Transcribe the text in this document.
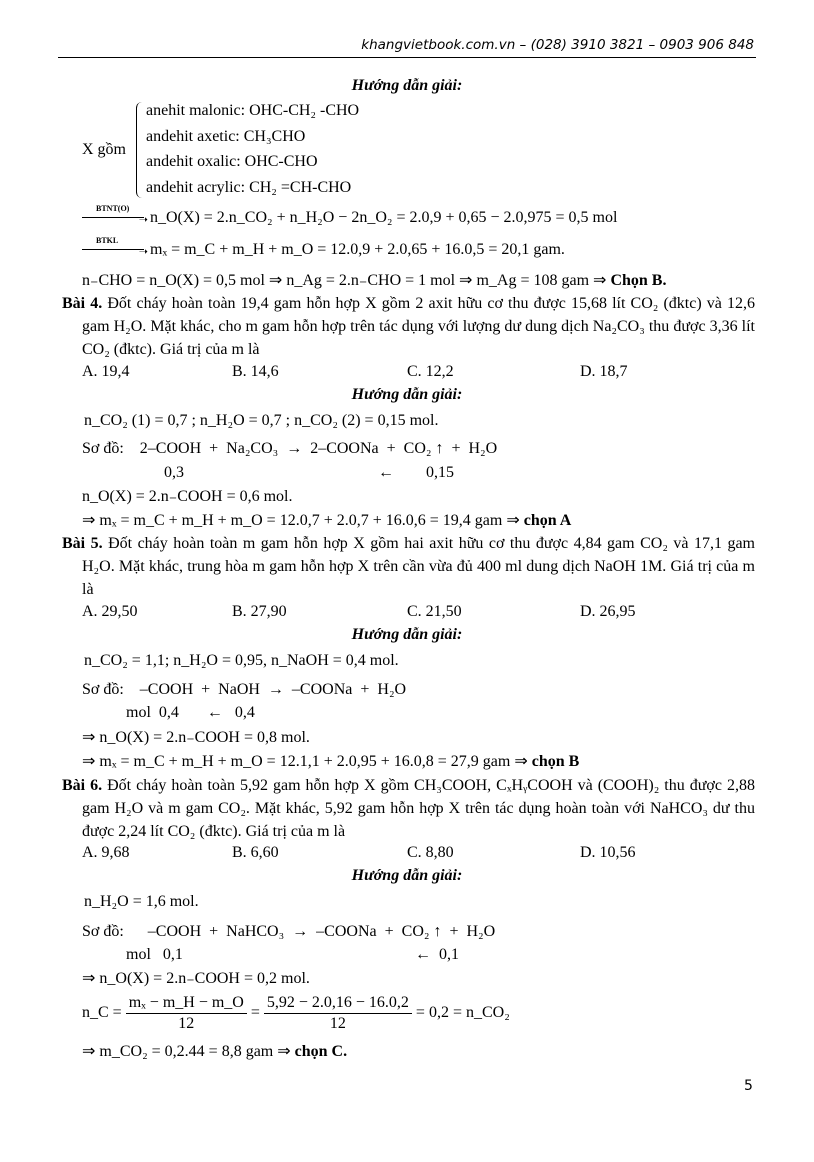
khangvietbook.com.vn – (028) 3910 3821 – 0903 906 848
Hướng dẫn giải:
X gồm
anehit malonic: OHC-CH₂ -CHO
andehit axetic: CH₃CHO
andehit oxalic: OHC-CHO
andehit acrylic: CH₂ =CH-CHO
BTNT(O)
➝ n_O(X) = 2.n_CO₂ + n_H₂O − 2n_O₂ = 2.0,9 + 0,65 − 2.0,975 = 0,5 mol
BTKL
➝ mₓ = m_C + m_H + m_O = 12.0,9 + 2.0,65 + 16.0,5 = 20,1 gam.
n₋CHO = n_O(X) = 0,5 mol ⇒ n_Ag = 2.n₋CHO = 1 mol ⇒ m_Ag = 108 gam ⇒ Chọn B.
Bài 4. Đốt cháy hoàn toàn 19,4 gam hỗn hợp X gồm 2 axit hữu cơ thu được 15,68 lít CO₂ (đktc) và 12,6 gam H₂O. Mặt khác, cho m gam hỗn hợp trên tác dụng với lượng dư dung dịch Na₂CO₃ thu được 3,36 lít CO₂ (đktc). Giá trị của m là
A. 19,4	B. 14,6	C. 12,2	D. 18,7
Hướng dẫn giải:
n_CO₂ (1) = 0,7 ; n_H₂O = 0,7 ; n_CO₂ (2) = 0,15 mol.
Sơ đồ:    2–COOH  +  Na₂CO₃  →  2–COONa  +  CO₂ ↑  +  H₂O
0,3	←        0,15
n_O(X) = 2.n₋COOH = 0,6 mol.
⇒ mₓ = m_C + m_H + m_O = 12.0,7 + 2.0,7 + 16.0,6 = 19,4 gam ⇒ chọn A
Bài 5. Đốt cháy hoàn toàn m gam hỗn hợp X gồm hai axit hữu cơ thu được 4,84 gam CO₂ và 17,1 gam H₂O. Mặt khác, trung hòa m gam hỗn hợp X trên cần vừa đủ 400 ml dung dịch NaOH 1M. Giá trị của m là
A. 29,50	B. 27,90	C. 21,50	D. 26,95
Hướng dẫn giải:
n_CO₂ = 1,1; n_H₂O = 0,95, n_NaOH = 0,4 mol.
Sơ đồ:    –COOH  +  NaOH  →  –COONa  +  H₂O
mol  0,4       ←   0,4
⇒ n_O(X) = 2.n₋COOH = 0,8 mol.
⇒ mₓ = m_C + m_H + m_O = 12.1,1 + 2.0,95 + 16.0,8 = 27,9 gam ⇒ chọn B
Bài 6. Đốt cháy hoàn toàn 5,92 gam hỗn hợp X gồm CH₃COOH, CₓHᵧCOOH và (COOH)₂ thu được 2,88 gam H₂O và m gam CO₂. Mặt khác, 5,92 gam hỗn hợp X trên tác dụng hoàn toàn với NaHCO₃ dư thu được 2,24 lít CO₂ (đktc). Giá trị của m là
A. 9,68	B. 6,60	C. 8,80	D. 10,56
Hướng dẫn giải:
n_H₂O = 1,6 mol.
Sơ đồ:      –COOH  +  NaHCO₃  →  –COONa  +  CO₂ ↑  +  H₂O
mol   0,1	←  0,1
⇒ n_O(X) = 2.n₋COOH = 0,2 mol.
n_C = $\frac{\text{mₓ − m\_H − m\_O}}{12} = \frac{5,92 - 2.0,16 - 16.0,2}{12} = 0,2$ = n_CO₂
⇒ m_CO₂ = 0,2.44 = 8,8 gam ⇒ chọn C.
5
